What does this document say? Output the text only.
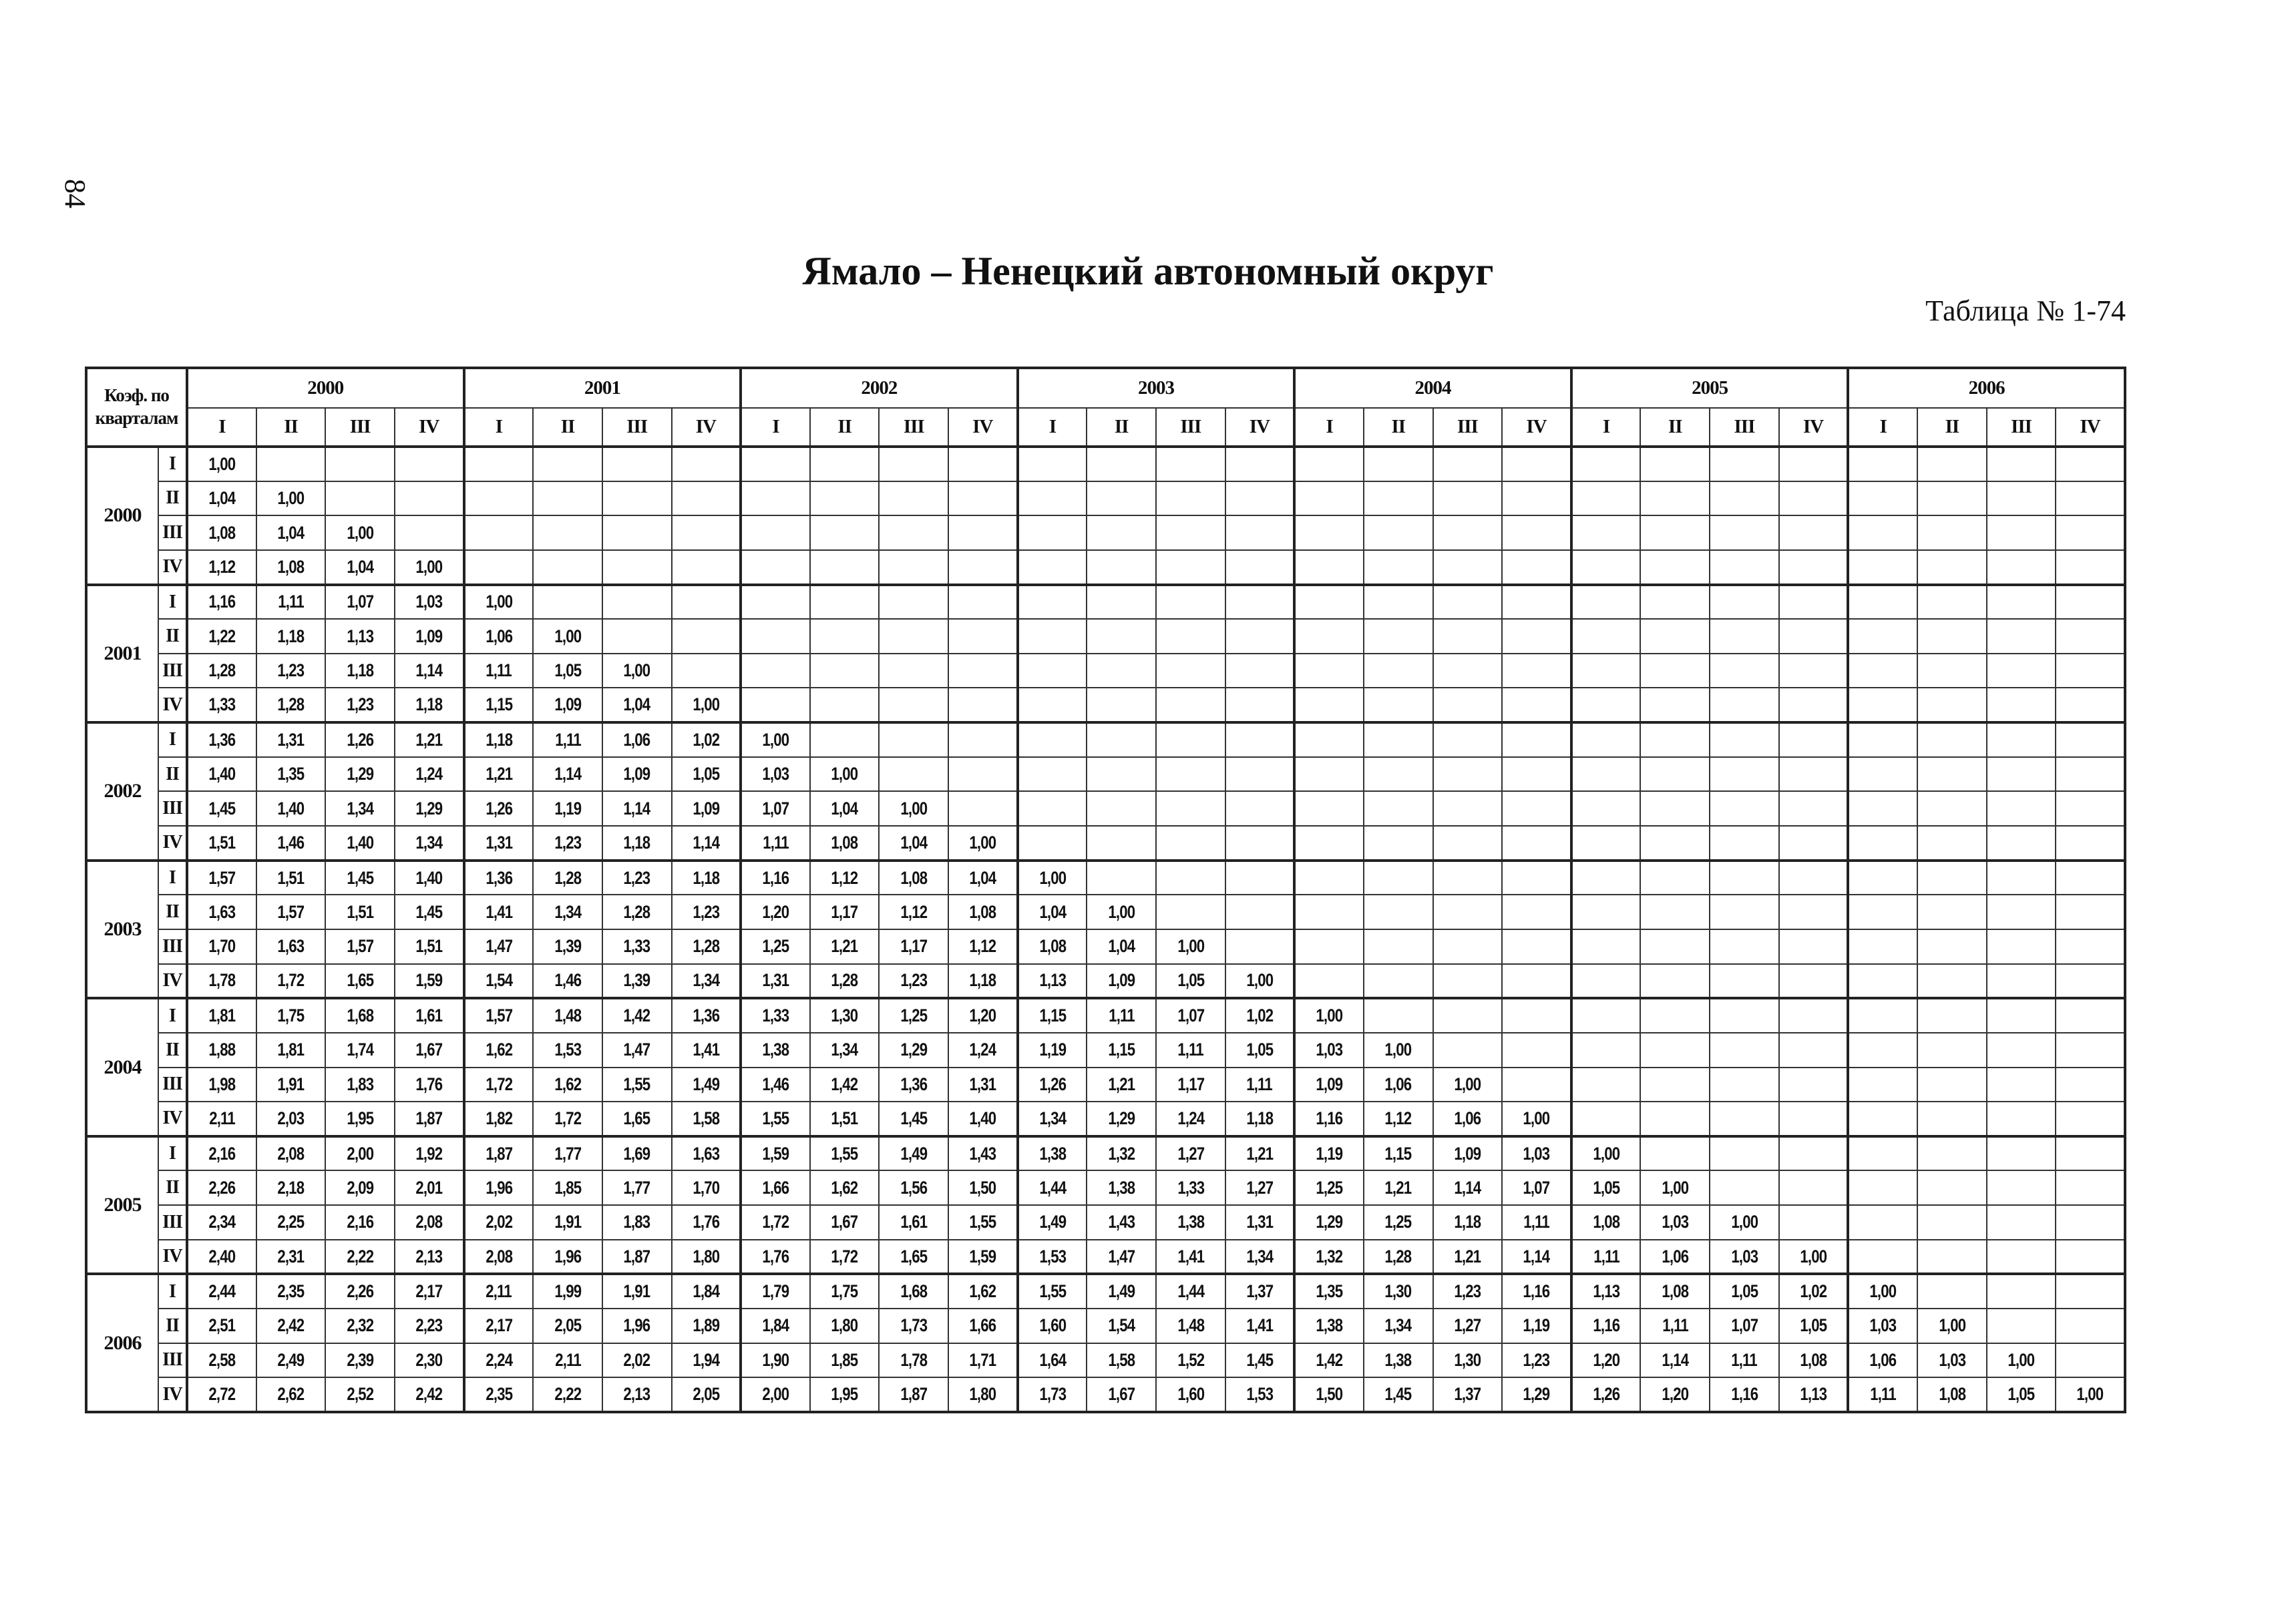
84
Ямало – Ненецкий автономный округ
Таблица № 1-74
Коэф. по
кварталам		2000				2001				2002				2003				2004				2005				2006			
		I	II	III	IV	I	II	III	IV	I	II	III	IV	I	II	III	IV	I	II	III	IV	I	II	III	IV	I	II	III	IV
2000	I	1,00																											
	II	1,04	1,00																										
	III	1,08	1,04	1,00																									
	IV	1,12	1,08	1,04	1,00																								
2001	I	1,16	1,11	1,07	1,03	1,00																							
	II	1,22	1,18	1,13	1,09	1,06	1,00																						
	III	1,28	1,23	1,18	1,14	1,11	1,05	1,00																					
	IV	1,33	1,28	1,23	1,18	1,15	1,09	1,04	1,00																				
2002	I	1,36	1,31	1,26	1,21	1,18	1,11	1,06	1,02	1,00																			
	II	1,40	1,35	1,29	1,24	1,21	1,14	1,09	1,05	1,03	1,00																		
	III	1,45	1,40	1,34	1,29	1,26	1,19	1,14	1,09	1,07	1,04	1,00																	
	IV	1,51	1,46	1,40	1,34	1,31	1,23	1,18	1,14	1,11	1,08	1,04	1,00																
2003	I	1,57	1,51	1,45	1,40	1,36	1,28	1,23	1,18	1,16	1,12	1,08	1,04	1,00															
	II	1,63	1,57	1,51	1,45	1,41	1,34	1,28	1,23	1,20	1,17	1,12	1,08	1,04	1,00														
	III	1,70	1,63	1,57	1,51	1,47	1,39	1,33	1,28	1,25	1,21	1,17	1,12	1,08	1,04	1,00													
	IV	1,78	1,72	1,65	1,59	1,54	1,46	1,39	1,34	1,31	1,28	1,23	1,18	1,13	1,09	1,05	1,00												
2004	I	1,81	1,75	1,68	1,61	1,57	1,48	1,42	1,36	1,33	1,30	1,25	1,20	1,15	1,11	1,07	1,02	1,00											
	II	1,88	1,81	1,74	1,67	1,62	1,53	1,47	1,41	1,38	1,34	1,29	1,24	1,19	1,15	1,11	1,05	1,03	1,00										
	III	1,98	1,91	1,83	1,76	1,72	1,62	1,55	1,49	1,46	1,42	1,36	1,31	1,26	1,21	1,17	1,11	1,09	1,06	1,00									
	IV	2,11	2,03	1,95	1,87	1,82	1,72	1,65	1,58	1,55	1,51	1,45	1,40	1,34	1,29	1,24	1,18	1,16	1,12	1,06	1,00								
2005	I	2,16	2,08	2,00	1,92	1,87	1,77	1,69	1,63	1,59	1,55	1,49	1,43	1,38	1,32	1,27	1,21	1,19	1,15	1,09	1,03	1,00							
	II	2,26	2,18	2,09	2,01	1,96	1,85	1,77	1,70	1,66	1,62	1,56	1,50	1,44	1,38	1,33	1,27	1,25	1,21	1,14	1,07	1,05	1,00						
	III	2,34	2,25	2,16	2,08	2,02	1,91	1,83	1,76	1,72	1,67	1,61	1,55	1,49	1,43	1,38	1,31	1,29	1,25	1,18	1,11	1,08	1,03	1,00					
	IV	2,40	2,31	2,22	2,13	2,08	1,96	1,87	1,80	1,76	1,72	1,65	1,59	1,53	1,47	1,41	1,34	1,32	1,28	1,21	1,14	1,11	1,06	1,03	1,00				
2006	I	2,44	2,35	2,26	2,17	2,11	1,99	1,91	1,84	1,79	1,75	1,68	1,62	1,55	1,49	1,44	1,37	1,35	1,30	1,23	1,16	1,13	1,08	1,05	1,02	1,00			
	II	2,51	2,42	2,32	2,23	2,17	2,05	1,96	1,89	1,84	1,80	1,73	1,66	1,60	1,54	1,48	1,41	1,38	1,34	1,27	1,19	1,16	1,11	1,07	1,05	1,03	1,00		
	III	2,58	2,49	2,39	2,30	2,24	2,11	2,02	1,94	1,90	1,85	1,78	1,71	1,64	1,58	1,52	1,45	1,42	1,38	1,30	1,23	1,20	1,14	1,11	1,08	1,06	1,03	1,00	
	IV	2,72	2,62	2,52	2,42	2,35	2,22	2,13	2,05	2,00	1,95	1,87	1,80	1,73	1,67	1,60	1,53	1,50	1,45	1,37	1,29	1,26	1,20	1,16	1,13	1,11	1,08	1,05	1,00
